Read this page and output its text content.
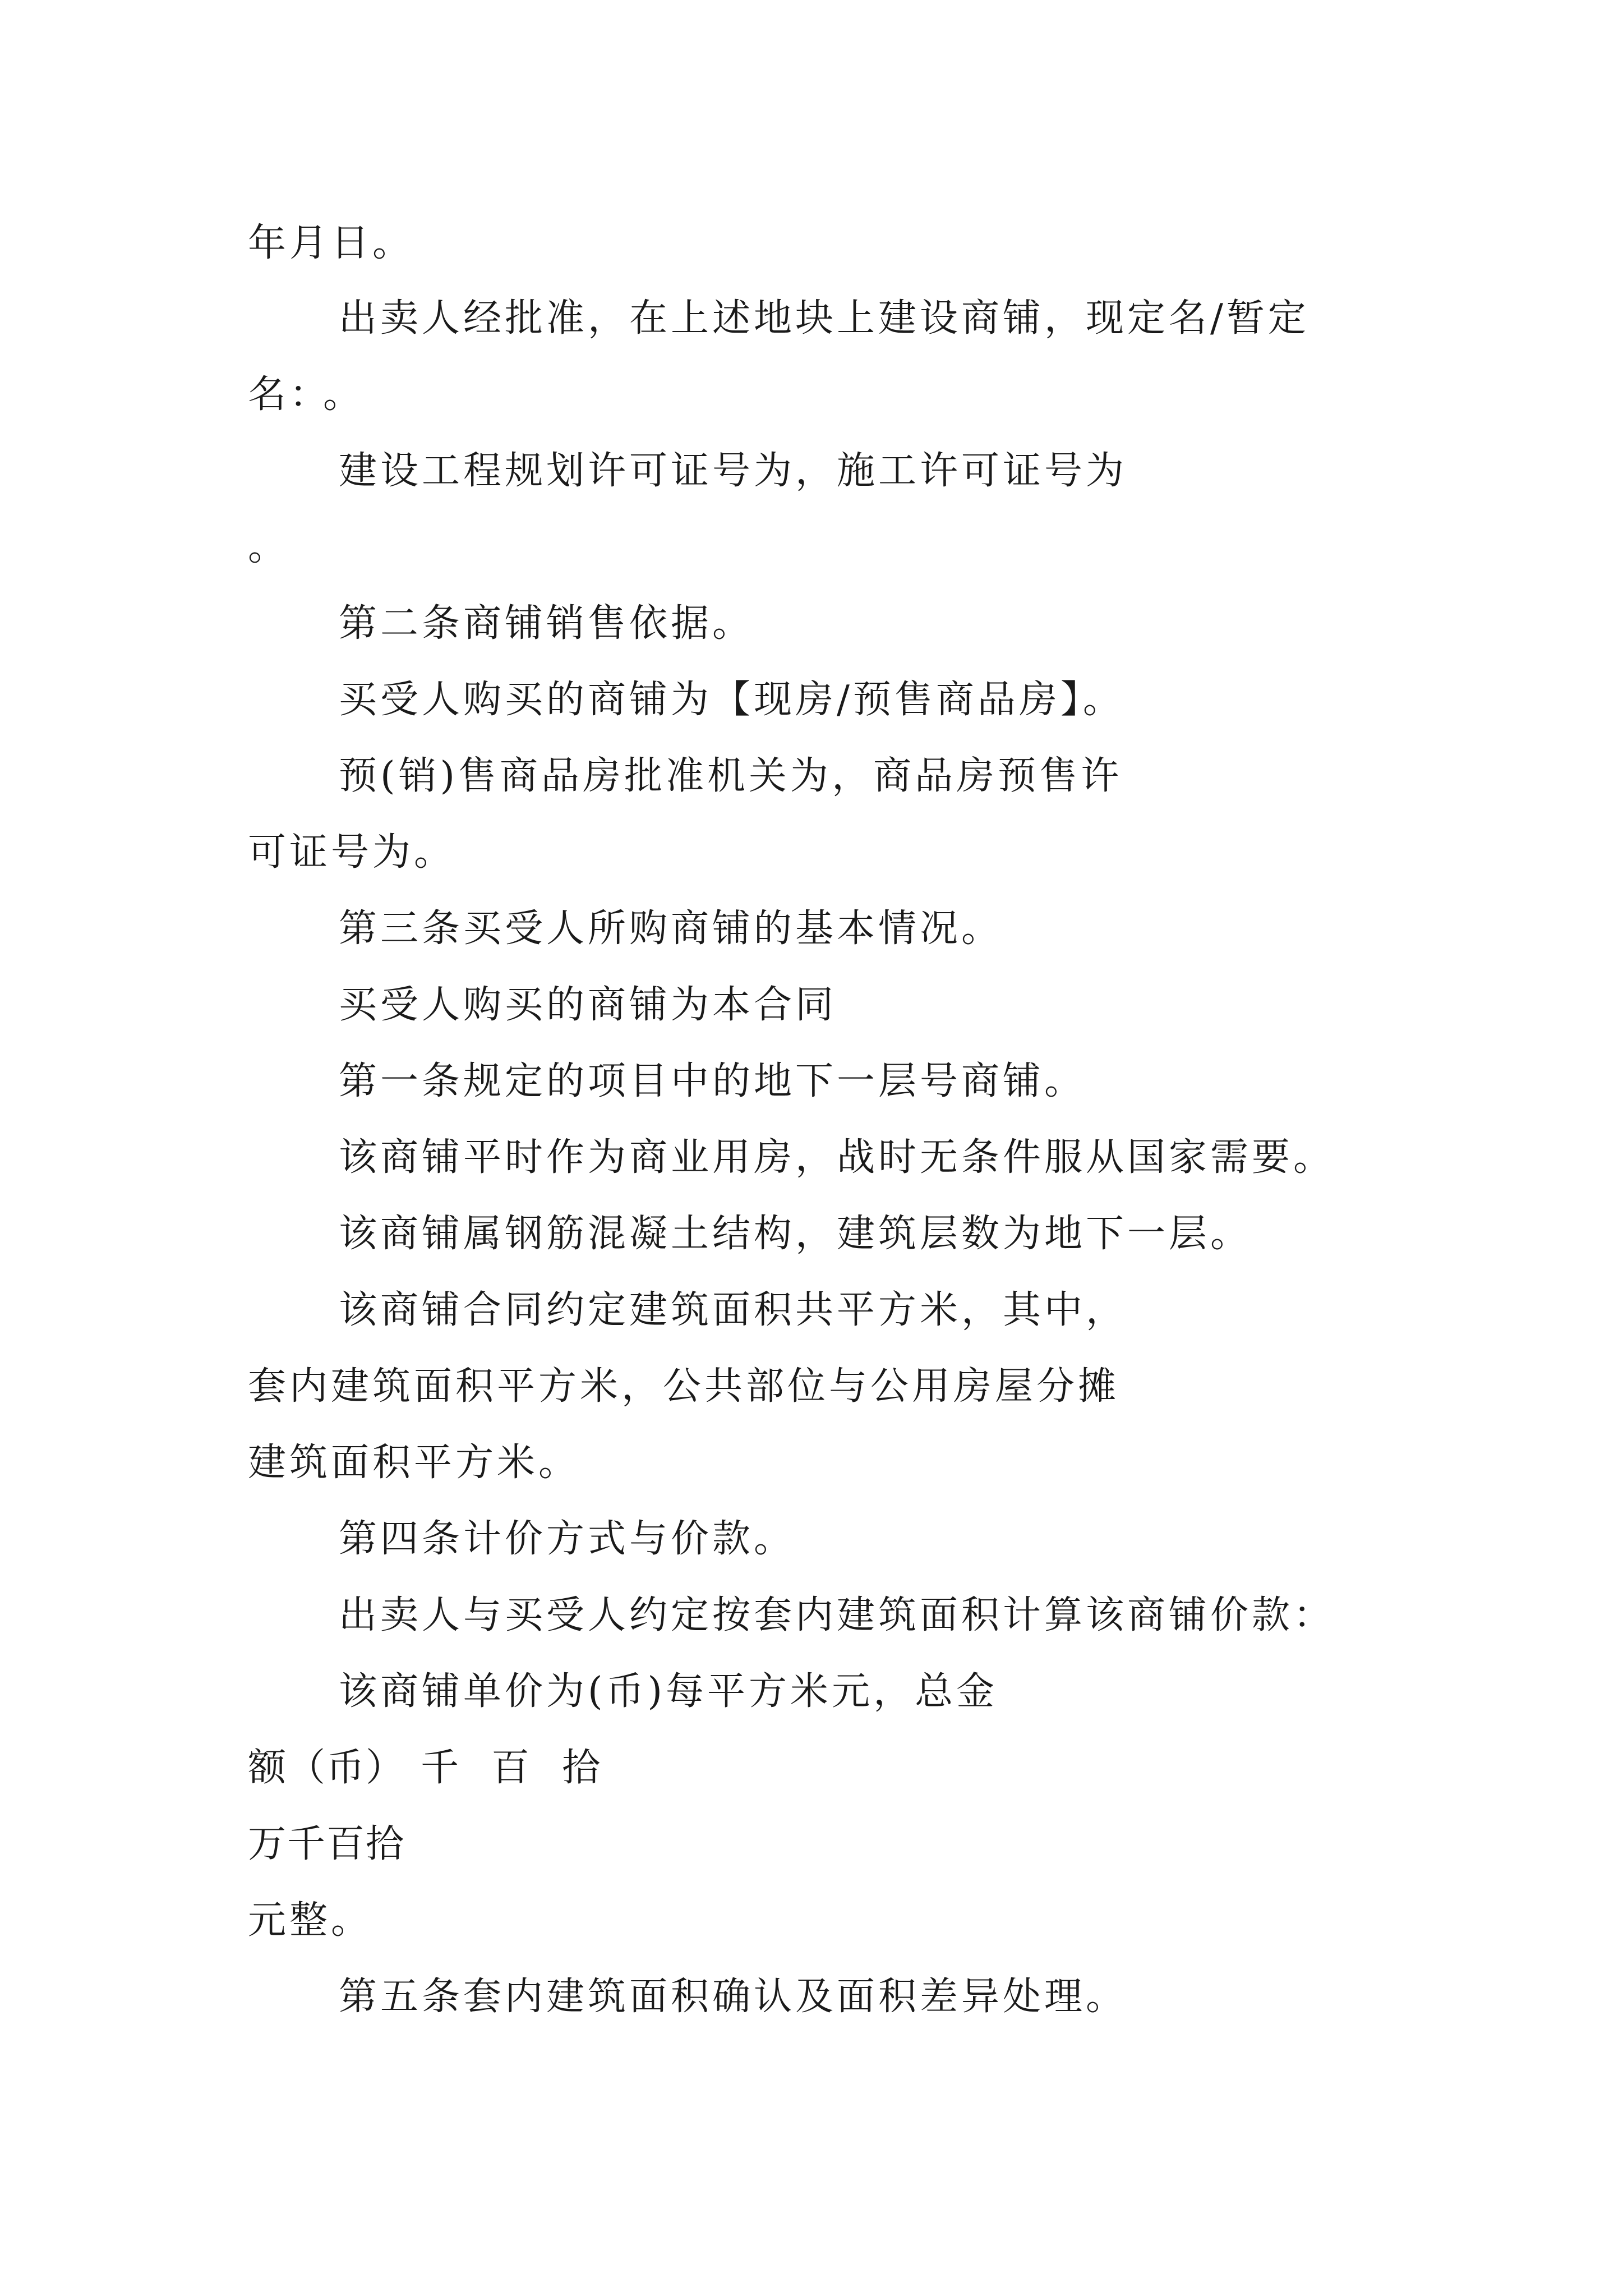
年月日。
出卖人经批准，在上述地块上建设商铺，现定名/暂定
名： 。
建设工程规划许可证号为，施工许可证号为
。
第二条商铺销售依据。
买受人购买的商铺为【现房/预售商品房】。
预(销)售商品房批准机关为，商品房预售许
可证号为。
第三条买受人所购商铺的基本情况。
买受人购买的商铺为本合同
第一条规定的项目中的地下一层号商铺。
该商铺平时作为商业用房，战时无条件服从国家需要。
该商铺属钢筋混凝土结构，建筑层数为地下一层。
该商铺合同约定建筑面积共平方米，其中，
套内建筑面积平方米，公共部位与公用房屋分摊
建筑面积平方米。
第四条计价方式与价款。
出卖人与买受人约定按套内建筑面积计算该商铺价款：
该商铺单价为(币)每平方米元，总金
额（币） 千 百 拾
万千百拾
元整。
第五条套内建筑面积确认及面积差异处理。
